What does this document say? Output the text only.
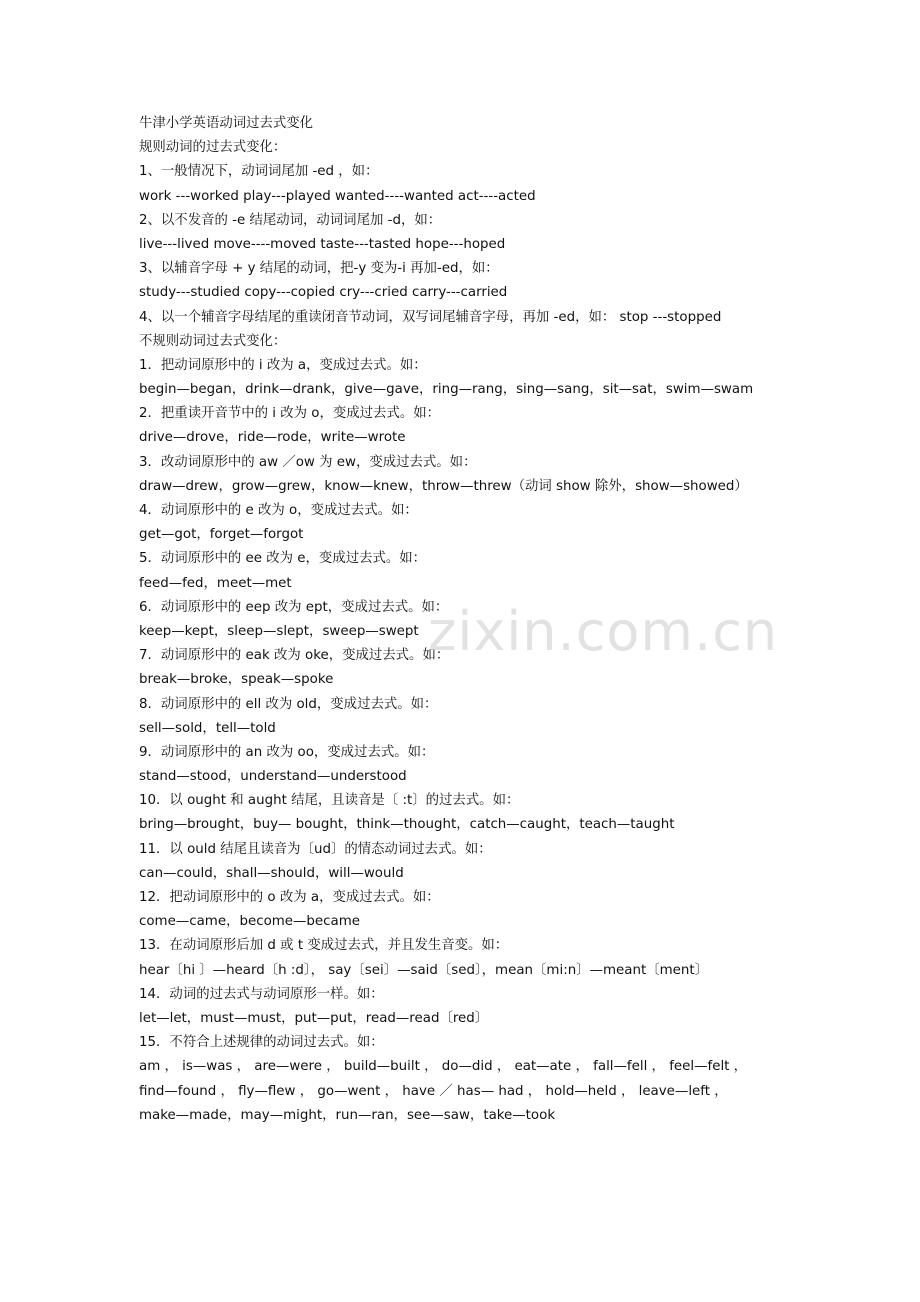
牛津小学英语动词过去式变化
规则动词的过去式变化：
1、一般情况下，动词词尾加 -ed ，如：
work ---worked play---played wanted----wanted act----acted
2、以不发音的 -e 结尾动词，动词词尾加 -d，如：
live---lived move----moved taste---tasted hope---hoped
3、以辅音字母 + y 结尾的动词，把-y 变为-i 再加-ed，如：
study---studied copy---copied cry---cried carry---carried
4、以一个辅音字母结尾的重读闭音节动词，双写词尾辅音字母，再加 -ed，如： stop ---stopped
不规则动词过去式变化：
1．把动词原形中的 i 改为 a，变成过去式。如：
begin—began，drink—drank，give—gave，ring—rang，sing—sang，sit—sat，swim—swam
2．把重读开音节中的 i 改为 o，变成过去式。如：
drive—drove，ride—rode，write—wrote
3．改动词原形中的 aw ／ow 为 ew，变成过去式。如：
draw—drew，grow—grew，know—knew，throw—threw（动词 show 除外，show—showed）
4．动词原形中的 e 改为 o，变成过去式。如：
get—got，forget—forgot
5．动词原形中的 ee 改为 e，变成过去式。如：
feed—fed，meet—met
6．动词原形中的 eep 改为 ept，变成过去式。如：
keep—kept，sleep—slept，sweep—swept
7．动词原形中的 eak 改为 oke，变成过去式。如：
break—broke，speak—spoke
8．动词原形中的 ell 改为 old，变成过去式。如：
sell—sold，tell—told
9．动词原形中的 an 改为 oo，变成过去式。如：
stand—stood，understand—understood
10．以 ought 和 aught 结尾，且读音是〔 :t〕的过去式。如：
bring—brought，buy— bought，think—thought，catch—caught，teach—taught
11．以 ould 结尾且读音为〔ud〕的情态动词过去式。如：
can—could，shall—should，will—would
12．把动词原形中的 o 改为 a，变成过去式。如：
come—came，become—became
13．在动词原形后加 d 或 t 变成过去式，并且发生音变。如：
hear〔hi 〕—heard〔h :d〕， say〔sei〕—said〔sed〕，mean〔mi:n〕—meant〔ment〕
14．动词的过去式与动词原形一样。如：
let—let，must—must，put—put，read—read〔red〕
15．不符合上述规律的动词过去式。如：
am ， is—was ， are—were ， build—built ， do—did ， eat—ate ， fall—fell ， feel—felt ，
find—found ， fly—flew ， go—went ， have ／ has— had ， hold—held ， leave—left ，
make—made，may—might，run—ran，see—saw，take—took
zixin.com.cn
